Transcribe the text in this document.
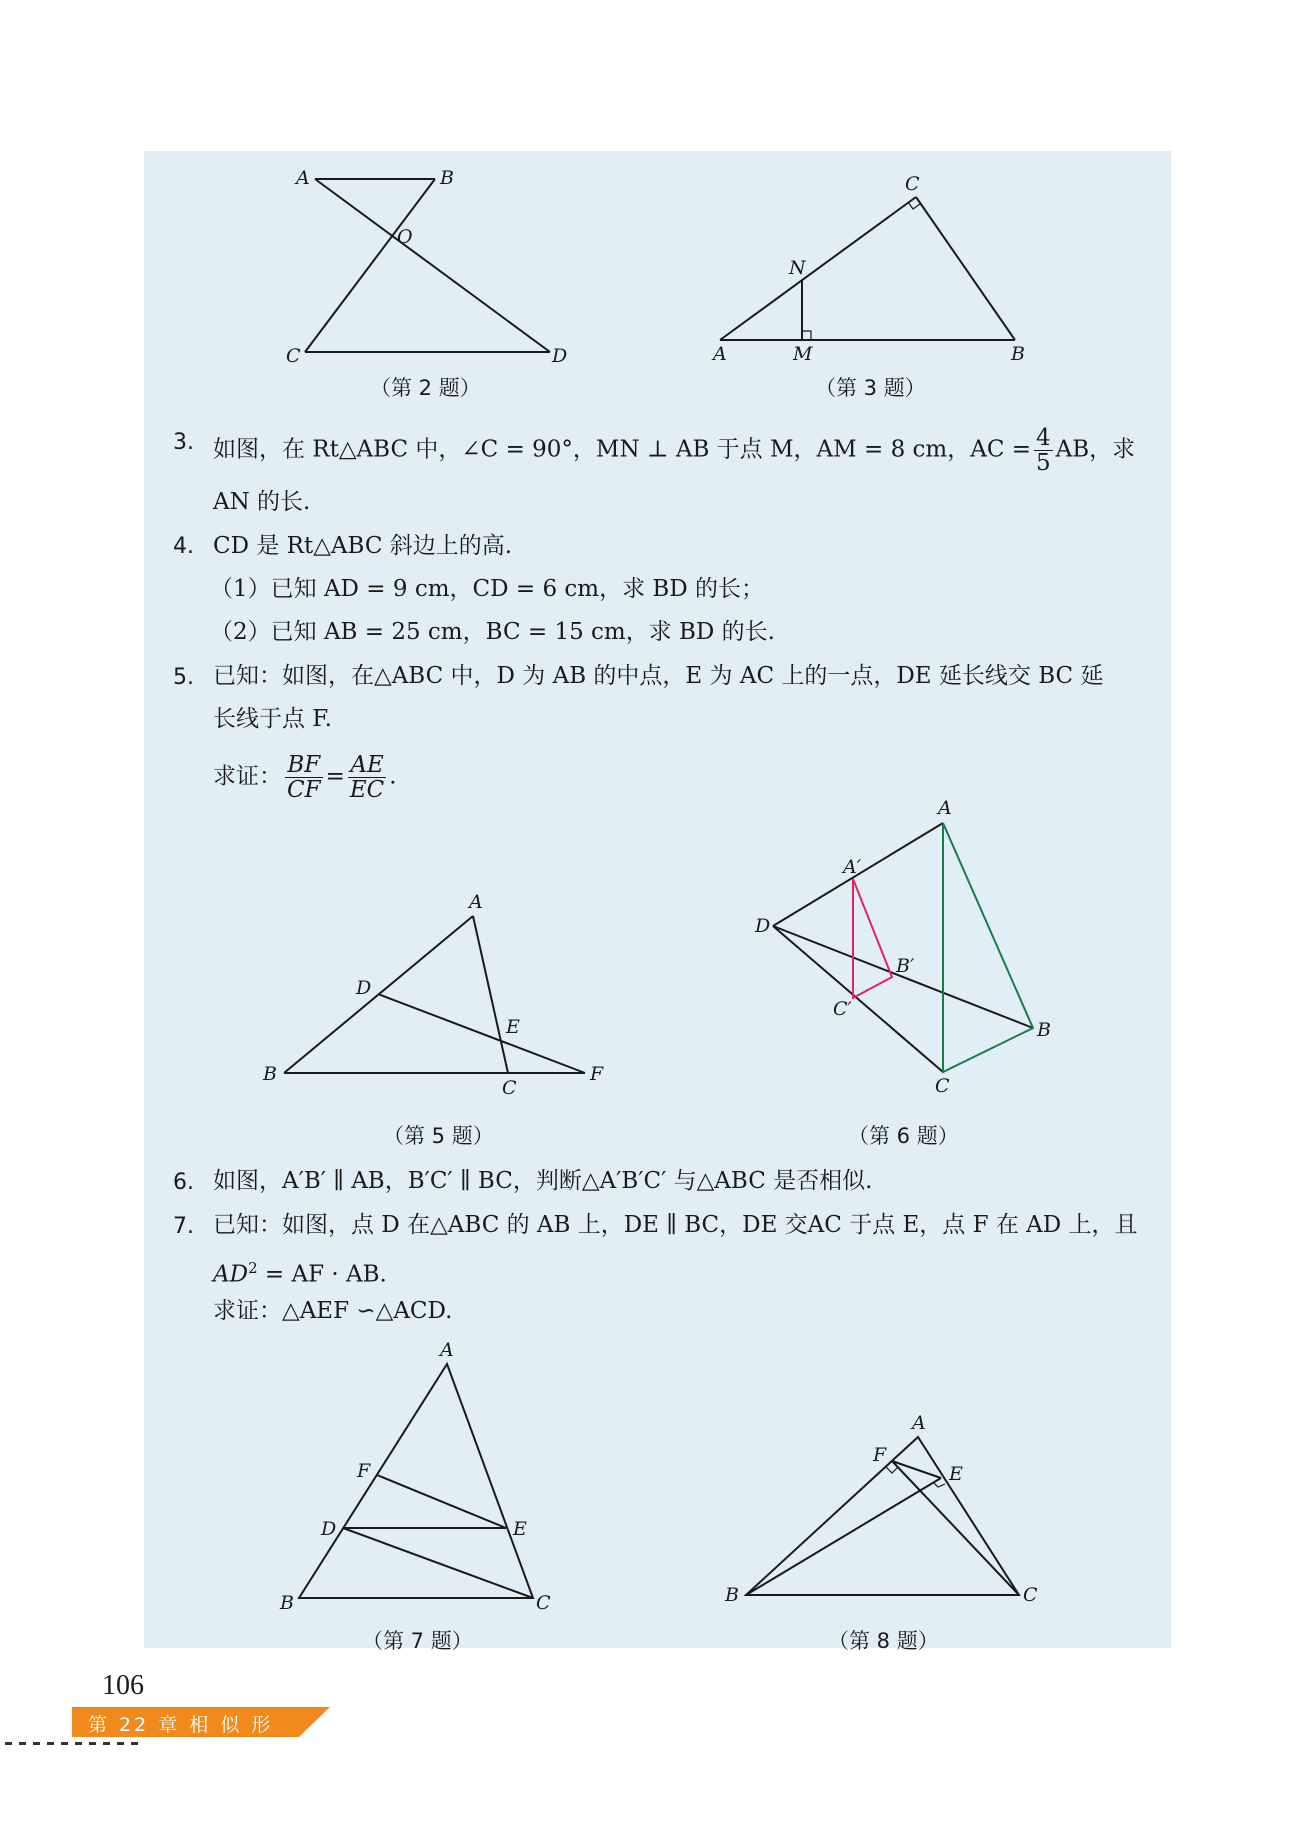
A	B
O
C	D
（第 2 题）
A	M
N
B
C
（第 3 题）
3. 如图，在 Rt△ABC 中，∠C = 90°，MN ⊥ AB 于点 M，AM = 8 cm，AC = $\frac{4}{5}$ AB，求
AN 的长.
4. CD 是 Rt△ABC 斜边上的高.
（1）已知 AD = 9 cm，CD = 6 cm，求 BD 的长；
（2）已知 AB = 25 cm，BC = 15 cm，求 BD 的长.
5. 已知：如图，在△ABC 中，D 为 AB 的中点，E 为 AC 上的一点，DE 延长线交 BC 延
长线于点 F.
求证： $\frac{BF}{CF} = \frac{AE}{EC}$ .
A
D
E
B
C
F
（第 5 题）
A
A′
D
B′
C′
B
C
（第 6 题）
6. 如图，A′B′ ∥ AB，B′C′ ∥ BC，判断△A′B′C′ 与△ABC 是否相似.
7. 已知：如图，点 D 在△ABC 的 AB 上，DE ∥ BC，DE 交AC 于点 E，点 F 在 AD 上，且
$AD^2$ = AF · AB.
求证：△AEF ∽△ACD.
A
F
D	E
B	C
（第 7 题）
A
F
E
B	C
（第 8 题）
106
第 22 章 相 似 形
